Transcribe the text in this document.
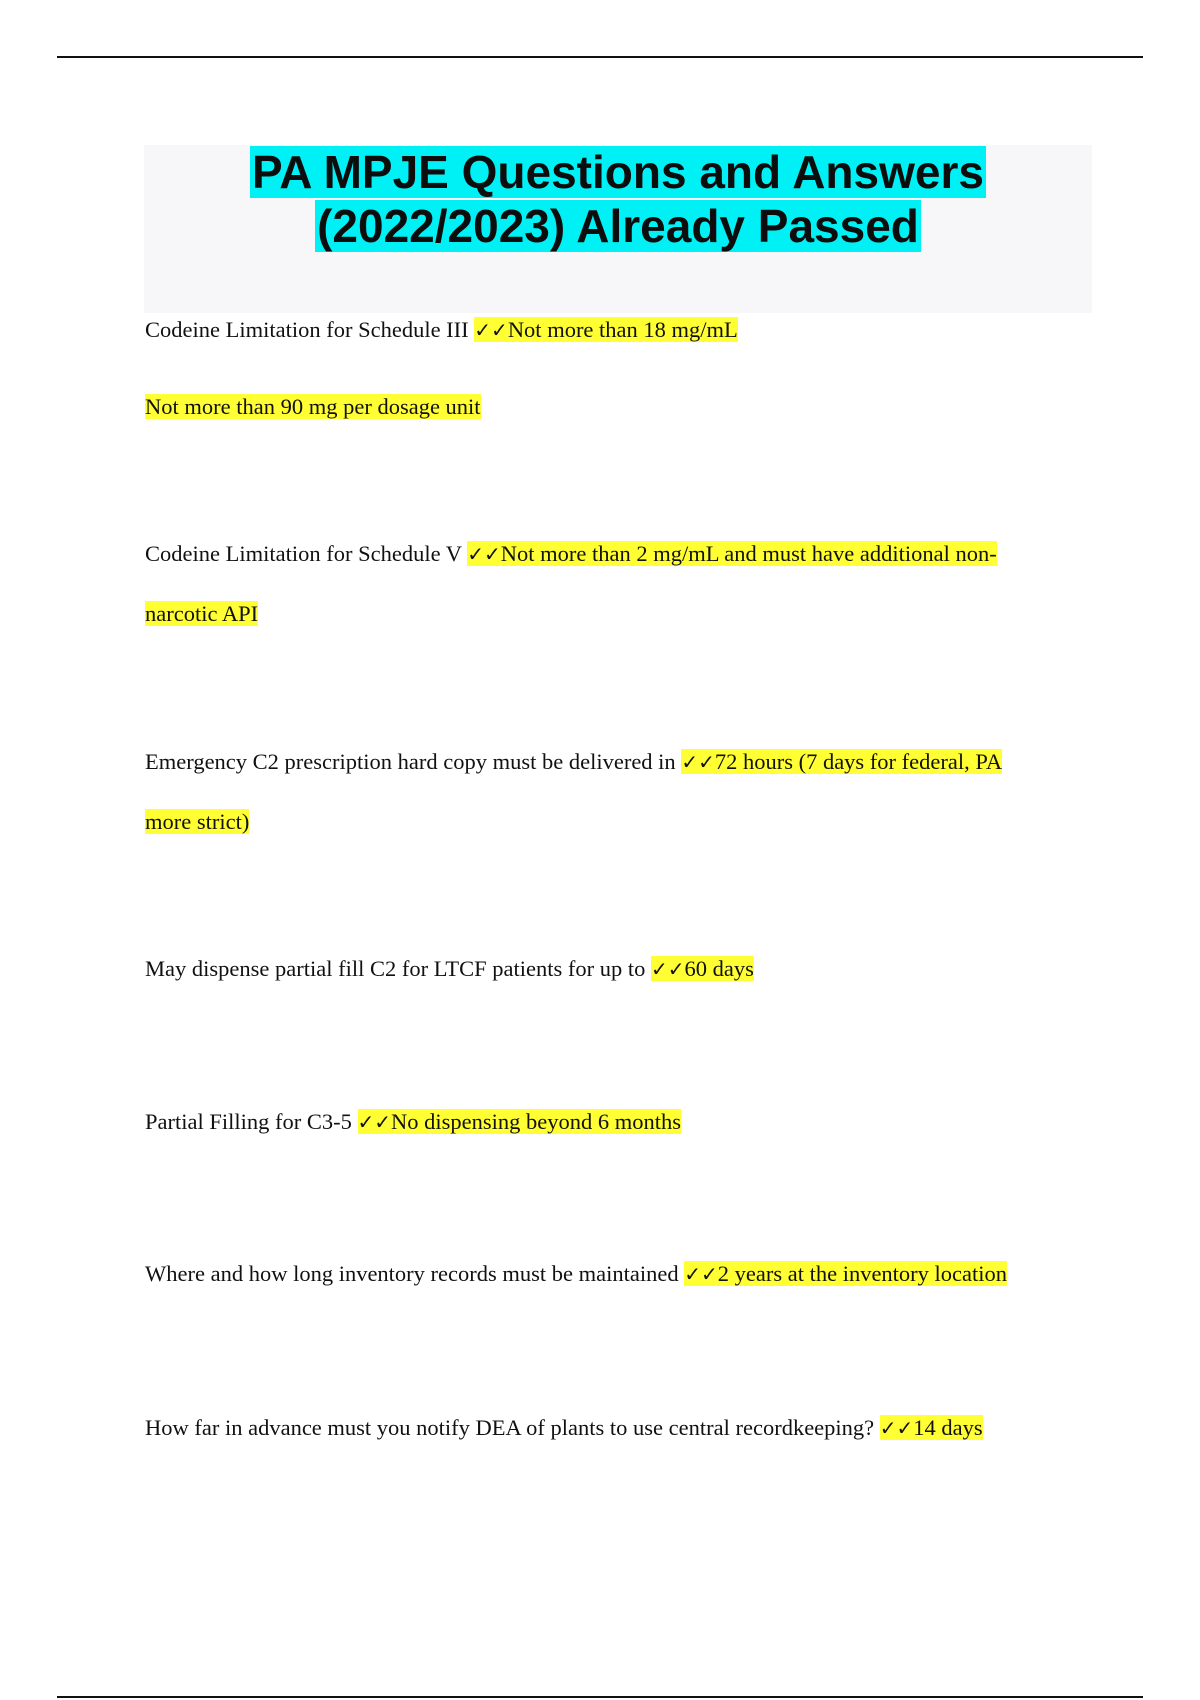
PA MPJE Questions and Answers
(2022/2023) Already Passed

Codeine Limitation for Schedule III ✓✓Not more than 18 mg/mL

Not more than 90 mg per dosage unit

Codeine Limitation for Schedule V ✓✓Not more than 2 mg/mL and must have additional non-

narcotic API

Emergency C2 prescription hard copy must be delivered in ✓✓72 hours (7 days for federal, PA

more strict)

May dispense partial fill C2 for LTCF patients for up to ✓✓60 days

Partial Filling for C3-5 ✓✓No dispensing beyond 6 months

Where and how long inventory records must be maintained ✓✓2 years at the inventory location

How far in advance must you notify DEA of plants to use central recordkeeping? ✓✓14 days
